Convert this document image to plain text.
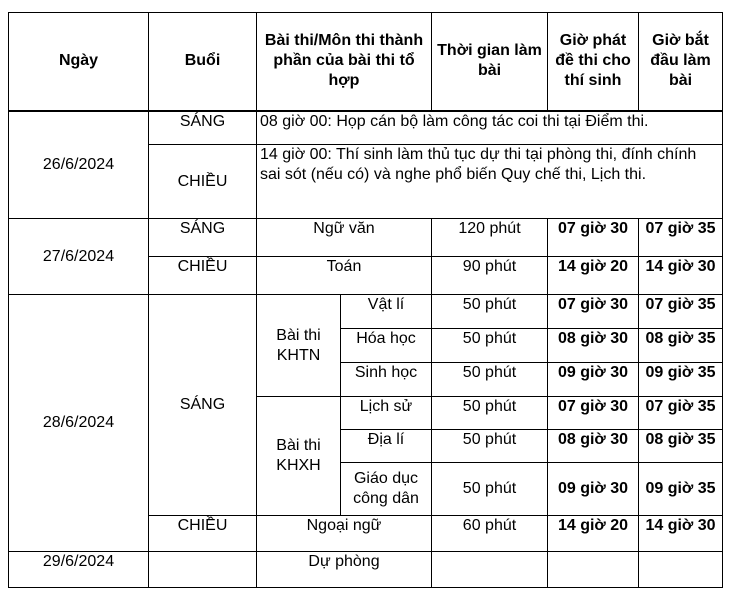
Ngày	Buổi	Bài thi/Môn thi thành phần của bài thi tổ hợp		Thời gian làm bài	Giờ phát đề thi cho thí sinh	Giờ bắt đầu làm bài
26/6/2024	SÁNG	08 giờ 00: Họp cán bộ làm công tác coi thi tại Điểm thi.				
	CHIỀU	14 giờ 00: Thí sinh làm thủ tục dự thi tại phòng thi, đính chính sai sót (nếu có) và nghe phổ biến Quy chế thi, Lịch thi.				
27/6/2024	SÁNG	Ngữ văn		120 phút	07 giờ 30	07 giờ 35
	CHIỀU	Toán		90 phút	14 giờ 20	14 giờ 30
28/6/2024	SÁNG	Bài thi KHTN	Vật lí	50 phút	07 giờ 30	07 giờ 35
			Hóa học	50 phút	08 giờ 30	08 giờ 35
			Sinh học	50 phút	09 giờ 30	09 giờ 35
		Bài thi KHXH	Lịch sử	50 phút	07 giờ 30	07 giờ 35
			Địa lí	50 phút	08 giờ 30	08 giờ 35
			Giáo dục công dân	50 phút	09 giờ 30	09 giờ 35
	CHIỀU	Ngoại ngữ		60 phút	14 giờ 20	14 giờ 30
29/6/2024		Dự phòng				
